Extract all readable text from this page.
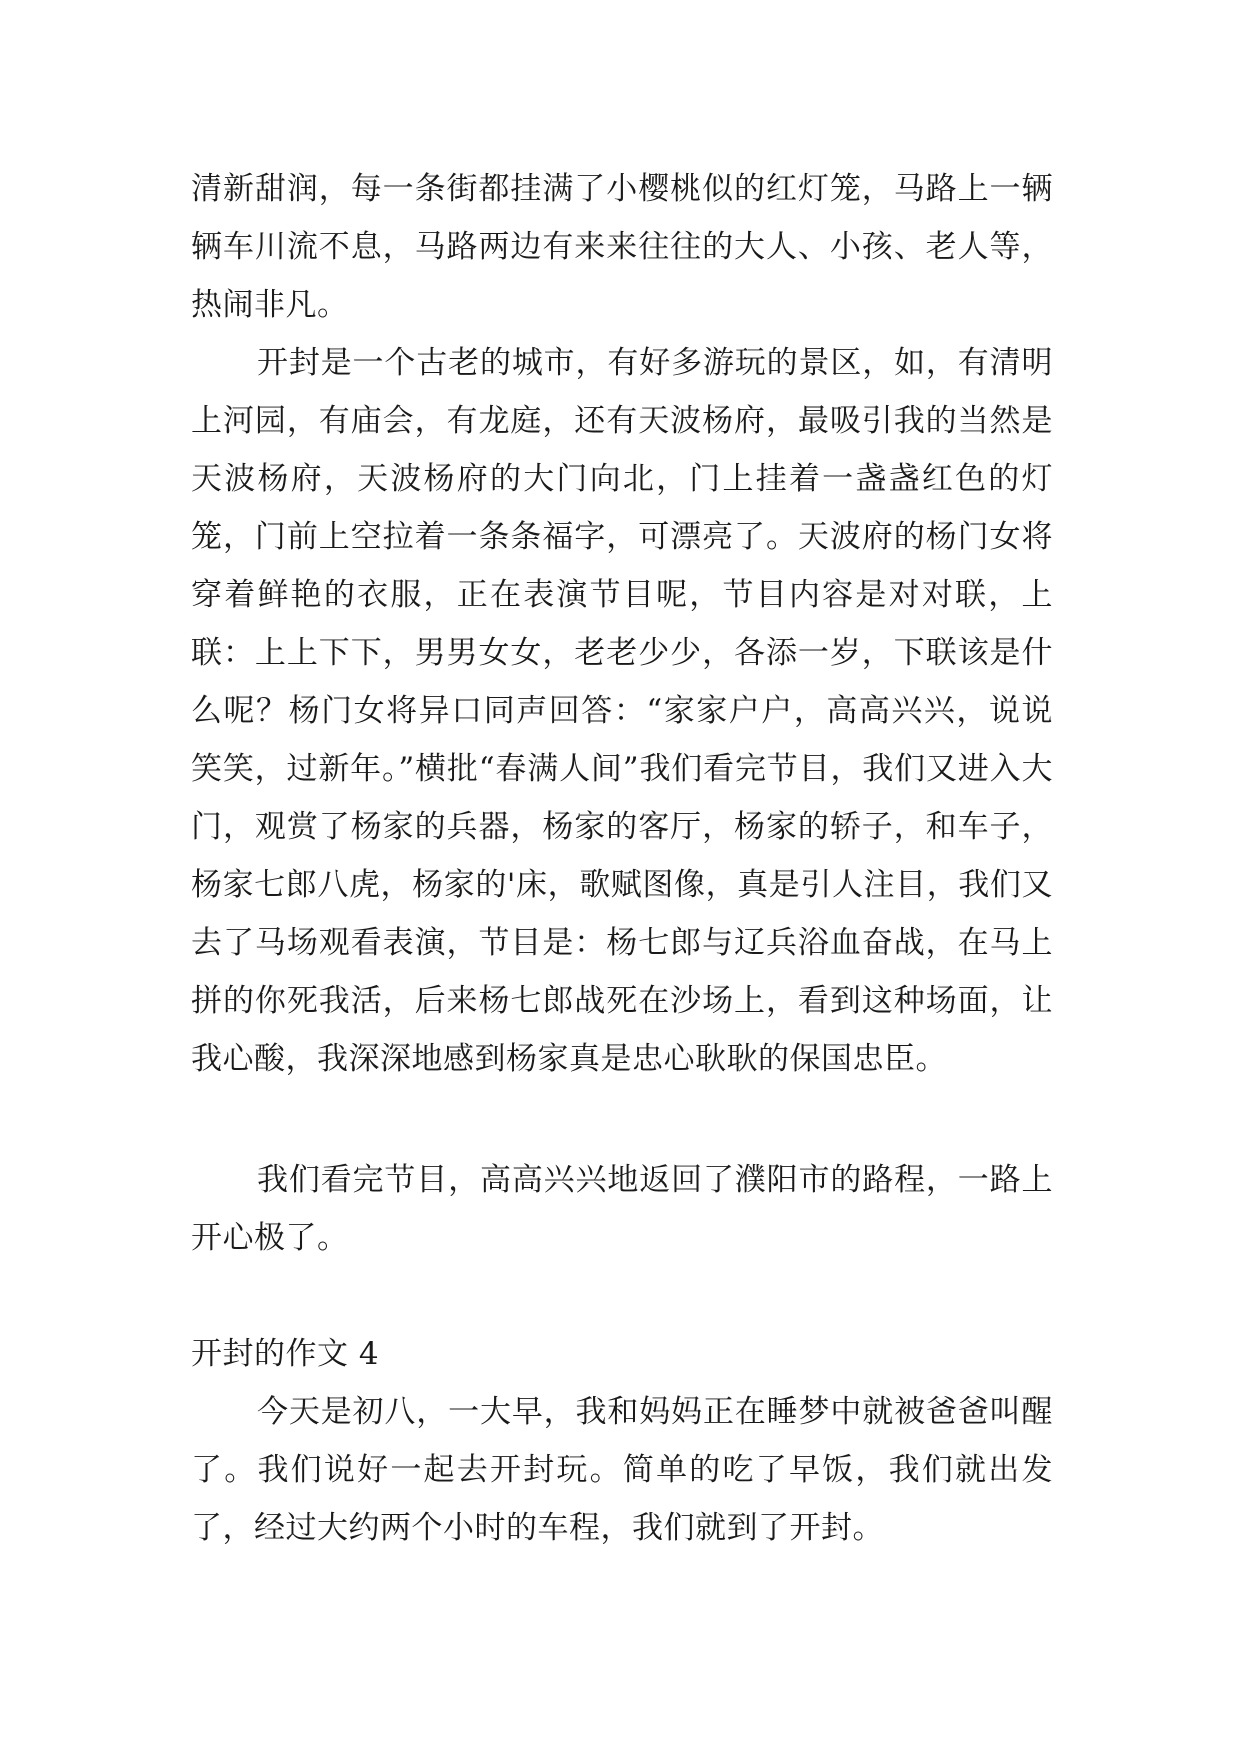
清新甜润，每一条街都挂满了小樱桃似的红灯笼，马路上一辆辆车川流不息，马路两边有来来往往的大人、小孩、老人等，热闹非凡。

开封是一个古老的城市，有好多游玩的景区，如，有清明上河园，有庙会，有龙庭，还有天波杨府，最吸引我的当然是天波杨府，天波杨府的大门向北，门上挂着一盏盏红色的灯笼，门前上空拉着一条条福字，可漂亮了。天波府的杨门女将穿着鲜艳的衣服，正在表演节目呢，节目内容是对对联，上联：上上下下，男男女女，老老少少，各添一岁，下联该是什么呢？杨门女将异口同声回答：“家家户户，高高兴兴，说说笑笑，过新年。”横批“春满人间”我们看完节目，我们又进入大门，观赏了杨家的兵器，杨家的客厅，杨家的轿子，和车子，杨家七郎八虎，杨家的'床，歌赋图像，真是引人注目，我们又去了马场观看表演，节目是：杨七郎与辽兵浴血奋战，在马上拼的你死我活，后来杨七郎战死在沙场上，看到这种场面，让我心酸，我深深地感到杨家真是忠心耿耿的保国忠臣。

我们看完节目，高高兴兴地返回了濮阳市的路程，一路上开心极了。

开封的作文 4

今天是初八，一大早，我和妈妈正在睡梦中就被爸爸叫醒了。我们说好一起去开封玩。简单的吃了早饭，我们就出发了，经过大约两个小时的车程，我们就到了开封。
